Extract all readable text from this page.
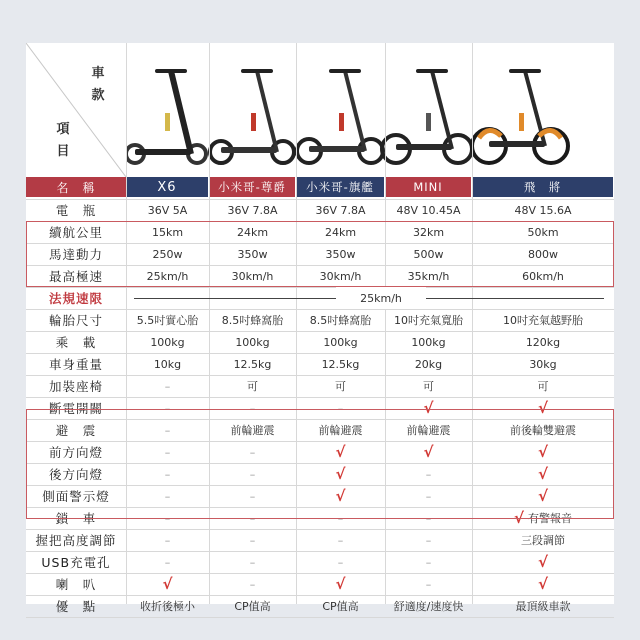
車
款
項
目
名　稱	X6	小米哥-尊爵	小米哥-旗艦	MINI	飛　將
電　瓶	36V 5A	36V 7.8A	36V 7.8A	48V 10.45A	48V 15.6A
續航公里	15km	24km	24km	32km	50km
馬達動力	250w	350w	350w	500w	800w
最高極速	25km/h	30km/h	30km/h	35km/h	60km/h
法規速限	25km/h
輪胎尺寸	5.5吋實心胎	8.5吋蜂窩胎	8.5吋蜂窩胎	10吋充氣寬胎	10吋充氣越野胎
乘　載	100kg	100kg	100kg	100kg	120kg
車身重量	10kg	12.5kg	12.5kg	20kg	30kg
加裝座椅	–	可	可	可	可
斷電開關	–	–	–	√	√
避　震	–	前輪避震	前輪避震	前輪避震	前後輪雙避震
前方向燈	–	–	√	√	√
後方向燈	–	–	√	–	√
側面警示燈	–	–	√	–	√
鎖　車	–	–	–	–	√ 有警報音
握把高度調節	–	–	–	–	三段調節
USB充電孔	–	–	–	–	√
喇　叭	√	–	√	–	√
優　點	收折後極小	CP值高	CP值高	舒適度/速度快	最頂級車款
